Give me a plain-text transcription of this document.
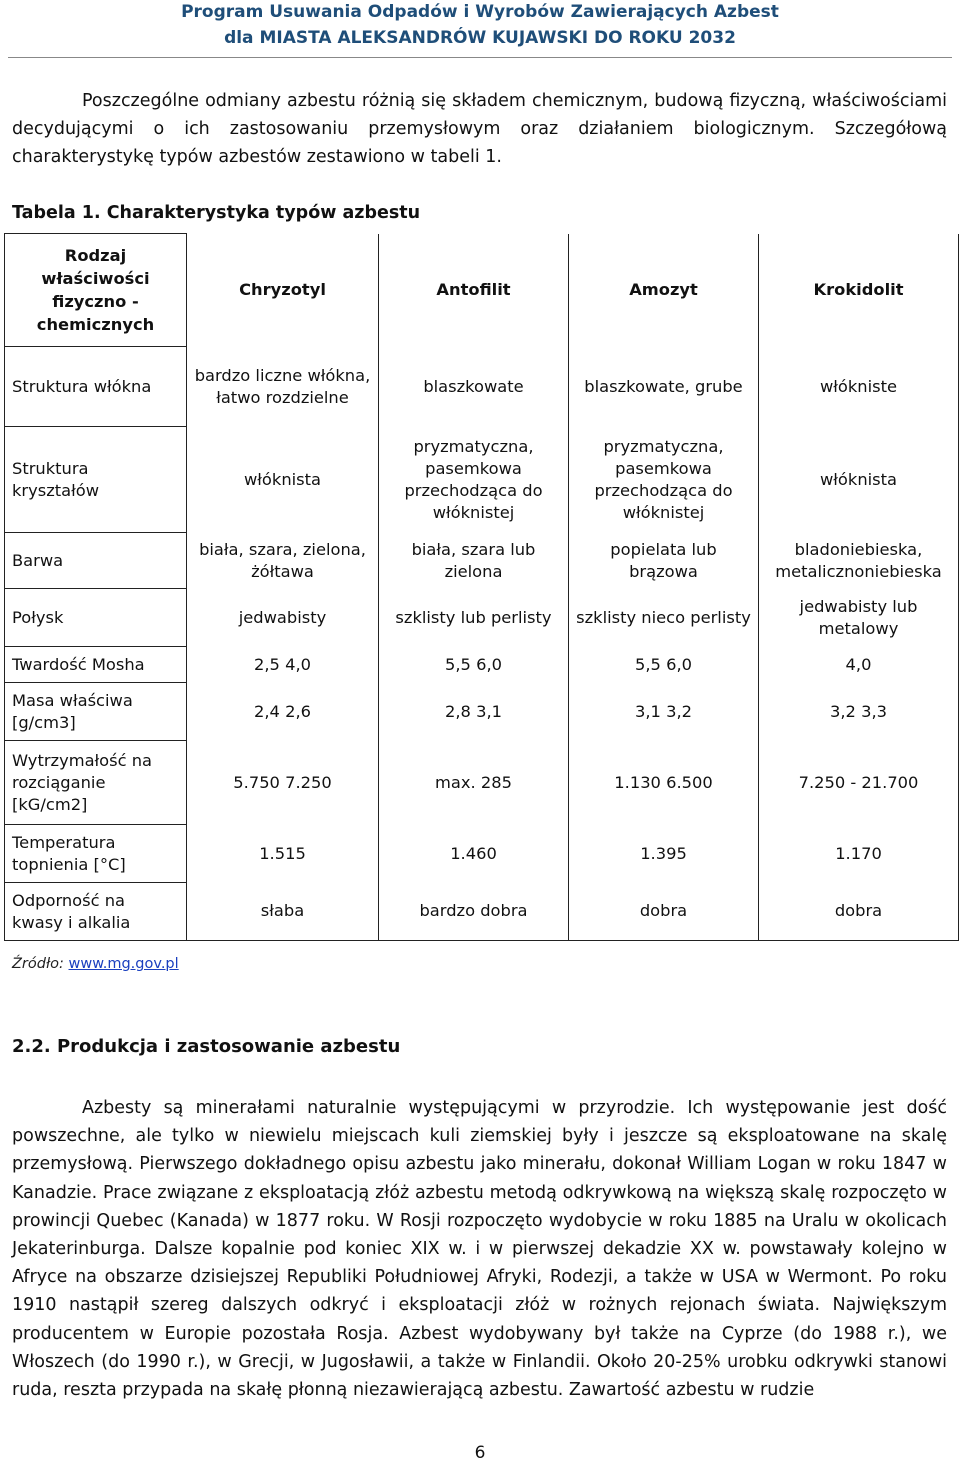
Program Usuwania Odpadów i Wyrobów Zawierających Azbest
dla MIASTA ALEKSANDRÓW KUJAWSKI DO ROKU 2032

Poszczególne odmiany azbestu różnią się składem chemicznym, budową fizyczną, właściwościami decydującymi o ich zastosowaniu przemysłowym oraz działaniem biologicznym. Szczegółową charakterystykę typów azbestów zestawiono w tabeli 1.

Tabela 1. Charakterystyka typów azbestu
Rodzaj właściwości fizyczno - chemicznych	Chryzotyl	Antofilit	Amozyt	Krokidolit
Struktura włókna	bardzo liczne włókna, łatwo rozdzielne	blaszkowate	blaszkowate, grube	włókniste
Struktura kryształów	włóknista	pryzmatyczna, pasemkowa przechodząca do włóknistej	pryzmatyczna, pasemkowa przechodząca do włóknistej	włóknista
Barwa	biała, szara, zielona, żółtawa	biała, szara lub zielona	popielata lub brązowa	bladoniebieska, metalicznoniebieska
Połysk	jedwabisty	szklisty lub perlisty	szklisty nieco perlisty	jedwabisty lub metalowy
Twardość Mosha	2,5 4,0	5,5 6,0	5,5 6,0	4,0
Masa właściwa [g/cm3]	2,4 2,6	2,8 3,1	3,1 3,2	3,2 3,3
Wytrzymałość na rozciąganie [kG/cm2]	5.750 7.250	max. 285	1.130 6.500	7.250 - 21.700
Temperatura topnienia [°C]	1.515	1.460	1.395	1.170
Odporność na kwasy i alkalia	słaba	bardzo dobra	dobra	dobra
Źródło: www.mg.gov.pl
2.2. Produkcja i zastosowanie azbestu

Azbesty są minerałami naturalnie występującymi w przyrodzie. Ich występowanie jest dość powszechne, ale tylko w niewielu miejscach kuli ziemskiej były i jeszcze są eksploatowane na skalę przemysłową. Pierwszego dokładnego opisu azbestu jako minerału, dokonał William Logan w roku 1847 w Kanadzie. Prace związane z eksploatacją złóż azbestu metodą odkrywkową na większą skalę rozpoczęto w prowincji Quebec (Kanada) w 1877 roku. W Rosji rozpoczęto wydobycie w roku 1885 na Uralu w okolicach Jekaterinburga. Dalsze kopalnie pod koniec XIX w. i w pierwszej dekadzie XX w. powstawały kolejno w Afryce na obszarze dzisiejszej Republiki Południowej Afryki, Rodezji, a także w USA w Wermont. Po roku 1910 nastąpił szereg dalszych odkryć i eksploatacji złóż w rożnych rejonach świata. Największym producentem w Europie pozostała Rosja. Azbest wydobywany był także na Cyprze (do 1988 r.), we Włoszech (do 1990 r.), w Grecji, w Jugosławii, a także w Finlandii. Około 20-25% urobku odkrywki stanowi ruda, reszta przypada na skałę płonną niezawierającą azbestu. Zawartość azbestu w rudzie

6
